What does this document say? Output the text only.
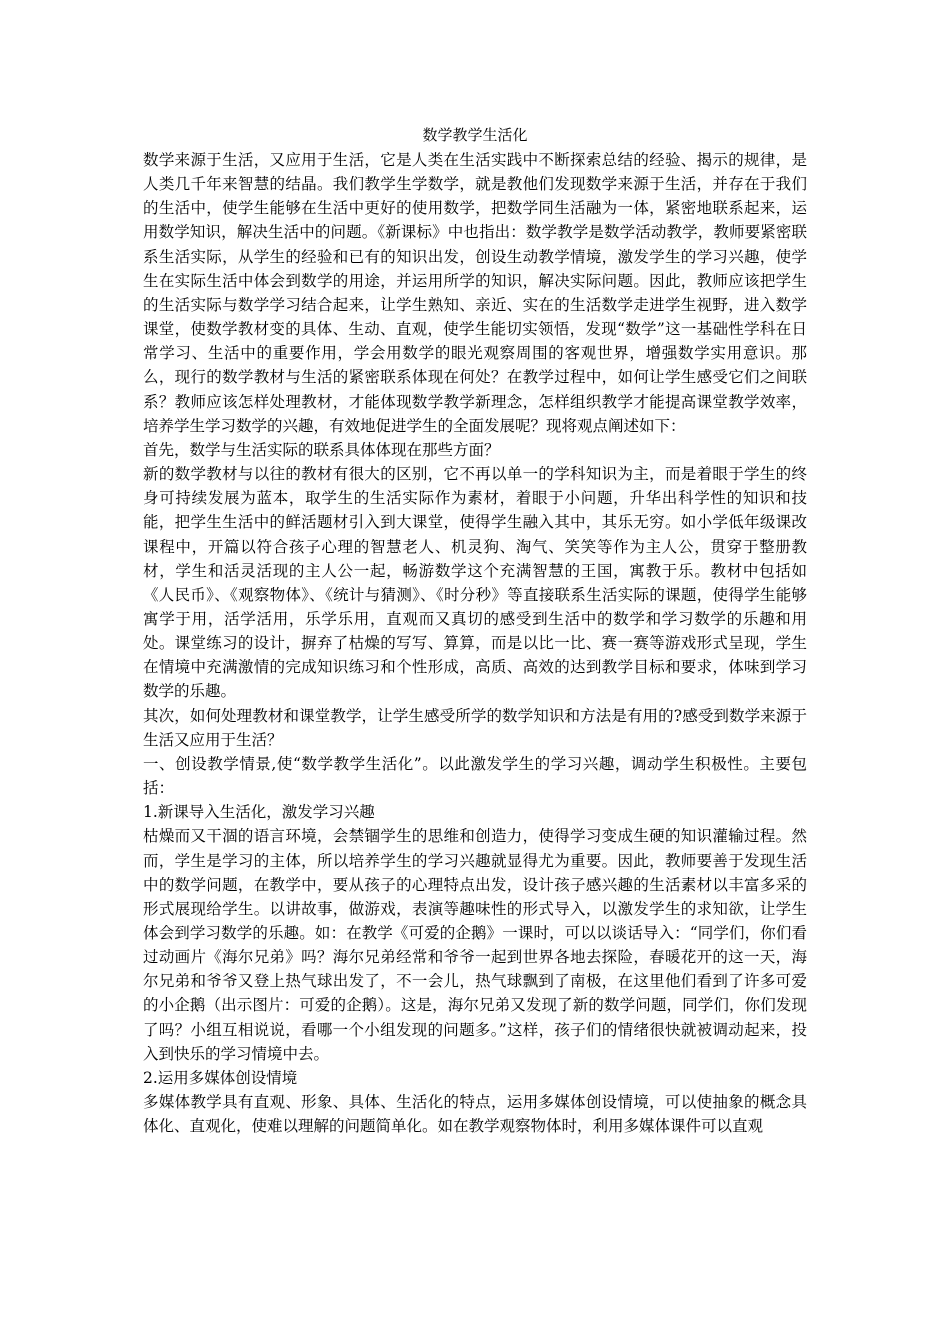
数学教学生活化

数学来源于生活，又应用于生活，它是人类在生活实践中不断探索总结的经验、揭示的规律，是人类几千年来智慧的结晶。我们教学生学数学，就是教他们发现数学来源于生活，并存在于我们的生活中，使学生能够在生活中更好的使用数学，把数学同生活融为一体，紧密地联系起来，运用数学知识，解决生活中的问题。《新课标》中也指出：数学教学是数学活动教学，教师要紧密联系生活实际，从学生的经验和已有的知识出发，创设生动教学情境，激发学生的学习兴趣，使学生在实际生活中体会到数学的用途，并运用所学的知识，解决实际问题。因此，教师应该把学生的生活实际与数学学习结合起来，让学生熟知、亲近、实在的生活数学走进学生视野，进入数学课堂，使数学教材变的具体、生动、直观，使学生能切实领悟，发现“数学”这一基础性学科在日常学习、生活中的重要作用，学会用数学的眼光观察周围的客观世界，增强数学实用意识。那么，现行的数学教材与生活的紧密联系体现在何处？在教学过程中，如何让学生感受它们之间联系？教师应该怎样处理教材，才能体现数学教学新理念，怎样组织教学才能提高课堂教学效率，培养学生学习数学的兴趣，有效地促进学生的全面发展呢？现将观点阐述如下：

首先，数学与生活实际的联系具体体现在那些方面？

新的数学教材与以往的教材有很大的区别，它不再以单一的学科知识为主，而是着眼于学生的终身可持续发展为蓝本，取学生的生活实际作为素材，着眼于小问题，升华出科学性的知识和技能，把学生生活中的鲜活题材引入到大课堂，使得学生融入其中，其乐无穷。如小学低年级课改课程中，开篇以符合孩子心理的智慧老人、机灵狗、淘气、笑笑等作为主人公，贯穿于整册教材，学生和活灵活现的主人公一起，畅游数学这个充满智慧的王国，寓教于乐。教材中包括如《人民币》、《观察物体》、《统计与猜测》、《时分秒》等直接联系生活实际的课题，使得学生能够寓学于用，活学活用，乐学乐用，直观而又真切的感受到生活中的数学和学习数学的乐趣和用处。课堂练习的设计，摒弃了枯燥的写写、算算，而是以比一比、赛一赛等游戏形式呈现，学生在情境中充满激情的完成知识练习和个性形成，高质、高效的达到教学目标和要求，体味到学习数学的乐趣。

其次，如何处理教材和课堂教学，让学生感受所学的数学知识和方法是有用的?感受到数学来源于生活又应用于生活？

一、创设教学情景,使“数学教学生活化”。以此激发学生的学习兴趣，调动学生积极性。主要包括：

1.新课导入生活化，激发学习兴趣

枯燥而又干涸的语言环境，会禁锢学生的思维和创造力，使得学习变成生硬的知识灌输过程。然而，学生是学习的主体，所以培养学生的学习兴趣就显得尤为重要。因此，教师要善于发现生活中的数学问题，在教学中，要从孩子的心理特点出发，设计孩子感兴趣的生活素材以丰富多采的形式展现给学生。以讲故事，做游戏，表演等趣味性的形式导入，以激发学生的求知欲，让学生体会到学习数学的乐趣。如：在教学《可爱的企鹅》一课时，可以以谈话导入：“同学们，你们看过动画片《海尔兄弟》吗？海尔兄弟经常和爷爷一起到世界各地去探险，春暖花开的这一天，海尔兄弟和爷爷又登上热气球出发了，不一会儿，热气球飘到了南极，在这里他们看到了许多可爱的小企鹅（出示图片：可爱的企鹅）。这是，海尔兄弟又发现了新的数学问题，同学们，你们发现了吗？小组互相说说，看哪一个小组发现的问题多。”这样，孩子们的情绪很快就被调动起来，投入到快乐的学习情境中去。

2.运用多媒体创设情境

多媒体教学具有直观、形象、具体、生活化的特点，运用多媒体创设情境，可以使抽象的概念具体化、直观化，使难以理解的问题简单化。如在教学观察物体时，利用多媒体课件可以直观
